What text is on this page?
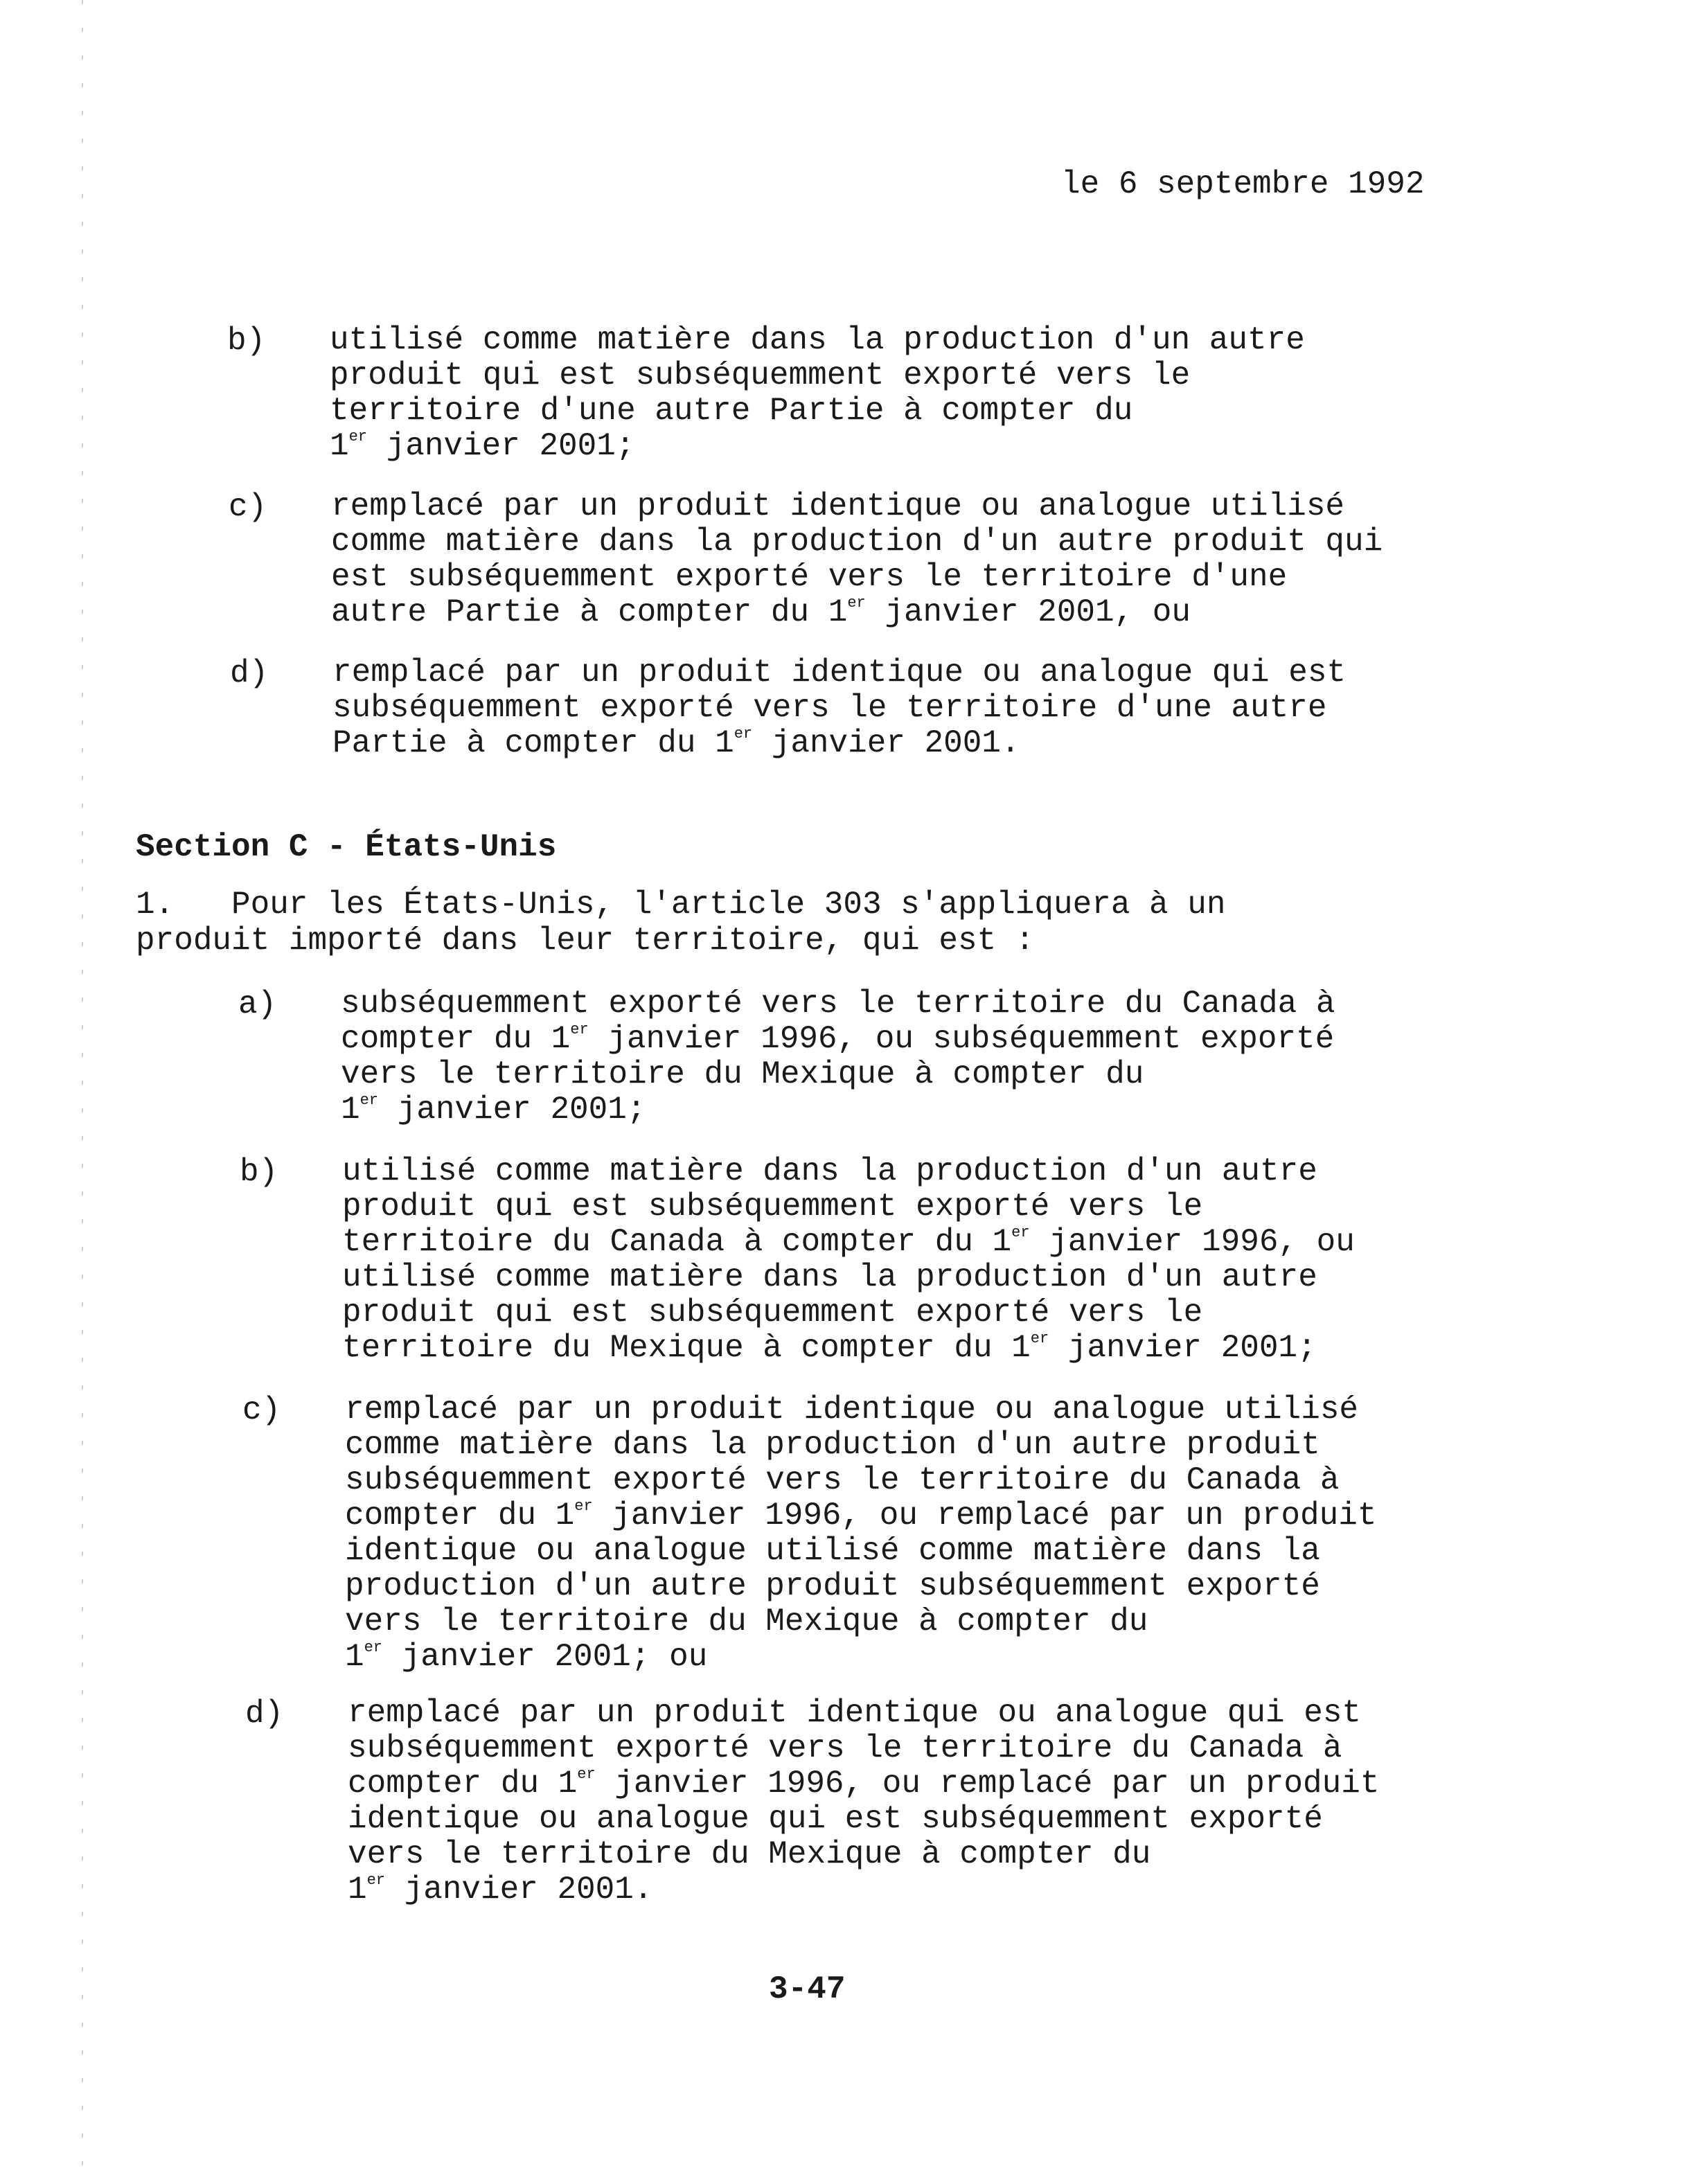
le 6 septembre 1992
b)	utilisé comme matière dans la production d'un autre
produit qui est subséquemment exporté vers le
territoire d'une autre Partie à compter du
1er janvier 2001;
c)	remplacé par un produit identique ou analogue utilisé
comme matière dans la production d'un autre produit qui
est subséquemment exporté vers le territoire d'une
autre Partie à compter du 1er janvier 2001, ou
d)	remplacé par un produit identique ou analogue qui est
subséquemment exporté vers le territoire d'une autre
Partie à compter du 1er janvier 2001.
Section C - États-Unis
1.   Pour les États-Unis, l'article 303 s'appliquera à un
produit importé dans leur territoire, qui est :
a)	subséquemment exporté vers le territoire du Canada à
compter du 1er janvier 1996, ou subséquemment exporté
vers le territoire du Mexique à compter du
1er janvier 2001;
b)	utilisé comme matière dans la production d'un autre
produit qui est subséquemment exporté vers le
territoire du Canada à compter du 1er janvier 1996, ou
utilisé comme matière dans la production d'un autre
produit qui est subséquemment exporté vers le
territoire du Mexique à compter du 1er janvier 2001;
c)	remplacé par un produit identique ou analogue utilisé
comme matière dans la production d'un autre produit
subséquemment exporté vers le territoire du Canada à
compter du 1er janvier 1996, ou remplacé par un produit
identique ou analogue utilisé comme matière dans la
production d'un autre produit subséquemment exporté
vers le territoire du Mexique à compter du
1er janvier 2001; ou
d)	remplacé par un produit identique ou analogue qui est
subséquemment exporté vers le territoire du Canada à
compter du 1er janvier 1996, ou remplacé par un produit
identique ou analogue qui est subséquemment exporté
vers le territoire du Mexique à compter du
1er janvier 2001.
3-47
